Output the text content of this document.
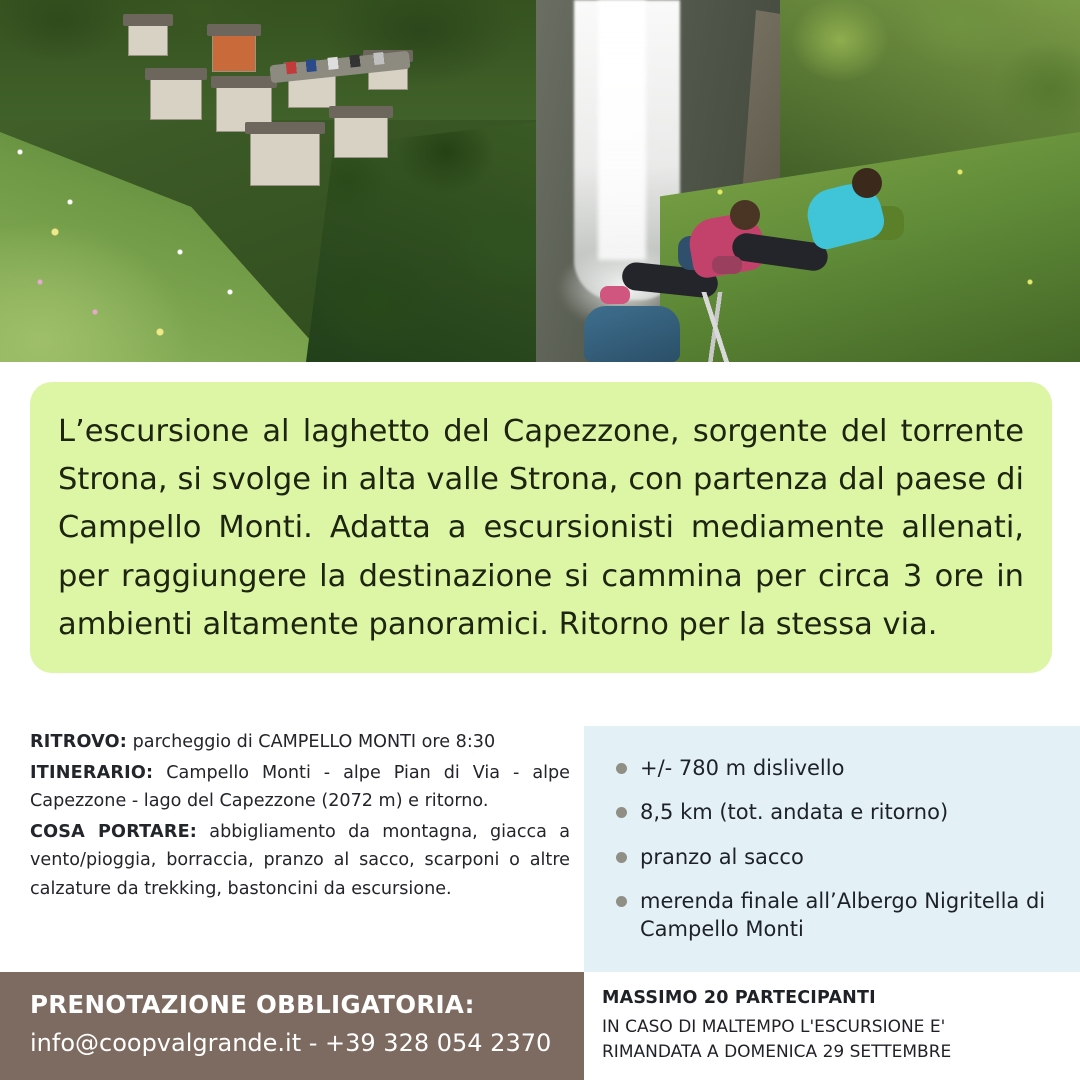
L’escursione al laghetto del Capezzone, sorgente del torrente Strona, si svolge in alta valle Strona, con partenza dal paese di Campello Monti. Adatta a escursionisti mediamente allenati, per raggiungere la destinazione si cammina per circa 3 ore in ambienti altamente panoramici. Ritorno per la stessa via.

RITROVO: parcheggio di CAMPELLO MONTI ore 8:30

ITINERARIO: Campello Monti - alpe Pian di Via - alpe Capezzone - lago del Capezzone (2072 m) e ritorno.

COSA PORTARE: abbigliamento da montagna, giacca a vento/pioggia, borraccia, pranzo al sacco, scarponi o altre calzature da trekking, bastoncini da escursione.

+/- 780 m dislivello
8,5 km (tot. andata e ritorno)
pranzo al sacco
merenda finale all’Albergo Nigritella di Campello Monti
PRENOTAZIONE OBBLIGATORIA:
info@coopvalgrande.it - +39 328 054 2370
MASSIMO 20 PARTECIPANTI
IN CASO DI MALTEMPO L'ESCURSIONE E'
RIMANDATA A DOMENICA 29 SETTEMBRE
